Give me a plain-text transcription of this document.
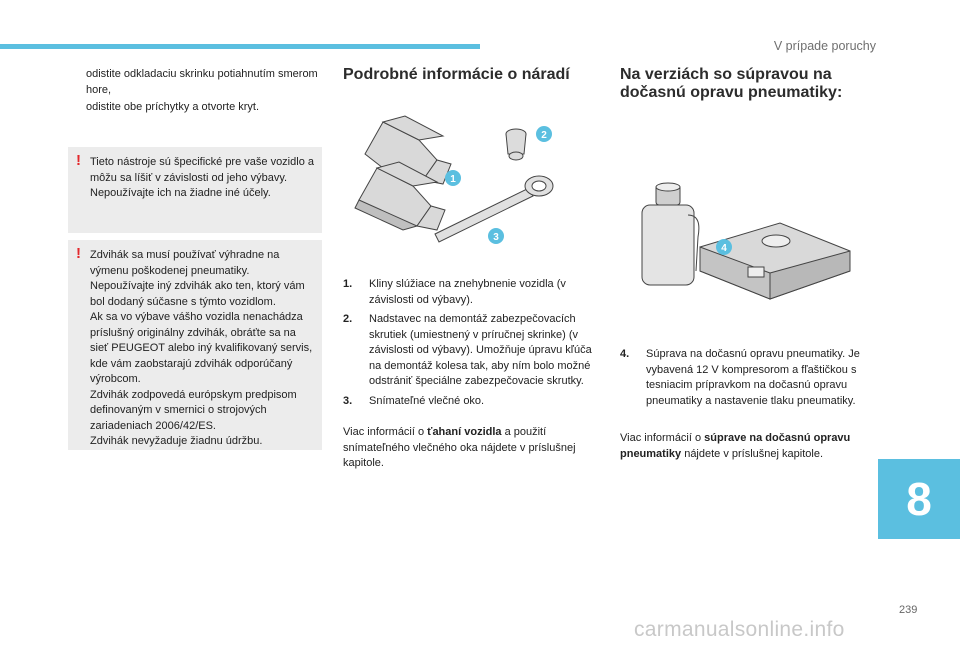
V prípade poruchy
odistite odkladaciu skrinku potiahnutím smerom hore,
odistite obe príchytky a otvorte kryt.
! Tieto nástroje sú špecifické pre vaše vozidlo a môžu sa líšiť v závislosti od jeho výbavy.

Nepoužívajte ich na žiadne iné účely.

! Zdvihák sa musí používať výhradne na výmenu poškodenej pneumatiky.

Nepoužívajte iný zdvihák ako ten, ktorý vám bol dodaný súčasne s týmto vozidlom.

Ak sa vo výbave vášho vozidla nenachádza príslušný originálny zdvihák, obráťte sa na sieť PEUGEOT alebo iný kvalifikovaný servis, kde vám zaobstarajú zdvihák odporúčaný výrobcom.

Zdvihák zodpovedá európskym predpisom definovaným v smernici o strojových zariadeniach 2006/42/ES.

Zdvihák nevyžaduje žiadnu údržbu.

Podrobné informácie o náradí
2
1
3
1. Kliny slúžiace na znehybnenie vozidla (v závislosti od výbavy).
2. Nadstavec na demontáž zabezpečovacích skrutiek (umiestnený v príručnej skrinke) (v závislosti od výbavy). Umožňuje úpravu kľúča na demontáž kolesa tak, aby ním bolo možné odstrániť špeciálne zabezpečovacie skrutky.
3. Snímateľné vlečné oko.

Viac informácií o ťahaní vozidla a použití snímateľného vlečného oka nájdete v príslušnej kapitole.

Na verziách so súpravou na dočasnú opravu pneumatiky:
4
4. Súprava na dočasnú opravu pneumatiky. Je vybavená 12 V kompresorom a fľaštičkou s tesniacim prípravkom na dočasnú opravu pneumatiky a nastavenie tlaku pneumatiky.

Viac informácií o súprave na dočasnú opravu pneumatiky nájdete v príslušnej kapitole.

8
239
carmanualsonline.info
